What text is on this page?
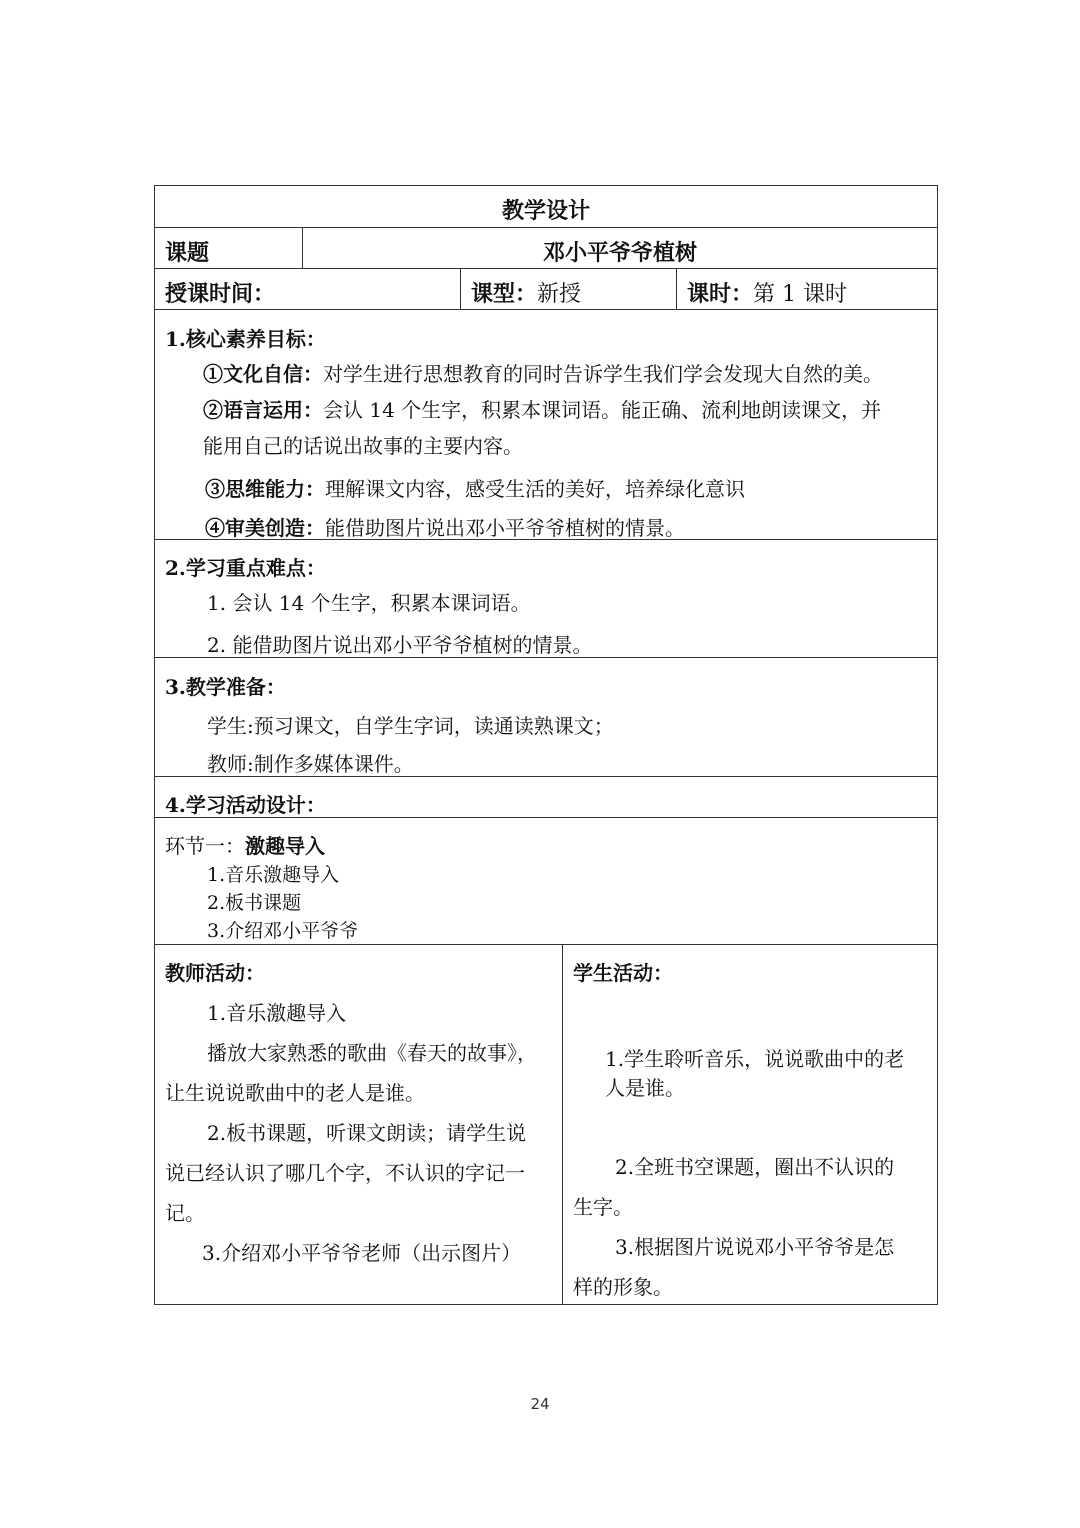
教学设计
课题	邓小平爷爷植树
授课时间：	课型：新授	课时：第 1 课时
1.核心素养目标：
①文化自信：对学生进行思想教育的同时告诉学生我们学会发现大自然的美。
②语言运用：会认 14 个生字，积累本课词语。能正确、流利地朗读课文，并
能用自己的话说出故事的主要内容。
③思维能力：理解课文内容，感受生活的美好，培养绿化意识
④审美创造：能借助图片说出邓小平爷爷植树的情景。
2.学习重点难点：
1. 会认 14 个生字，积累本课词语。
2. 能借助图片说出邓小平爷爷植树的情景。
3.教学准备：
学生:预习课文，自学生字词，读通读熟课文；
教师:制作多媒体课件。
4.学习活动设计：
环节一：激趣导入
1.音乐激趣导入
2.板书课题
3.介绍邓小平爷爷
教师活动：
1.音乐激趣导入
播放大家熟悉的歌曲《春天的故事》，
让生说说歌曲中的老人是谁。
2.板书课题，听课文朗读；请学生说
说已经认识了哪几个字，不认识的字记一
记。
3.介绍邓小平爷爷老师（出示图片）
学生活动：
1.学生聆听音乐，说说歌曲中的老
人是谁。
2.全班书空课题，圈出不认识的
生字。
3.根据图片说说邓小平爷爷是怎
样的形象。
24
